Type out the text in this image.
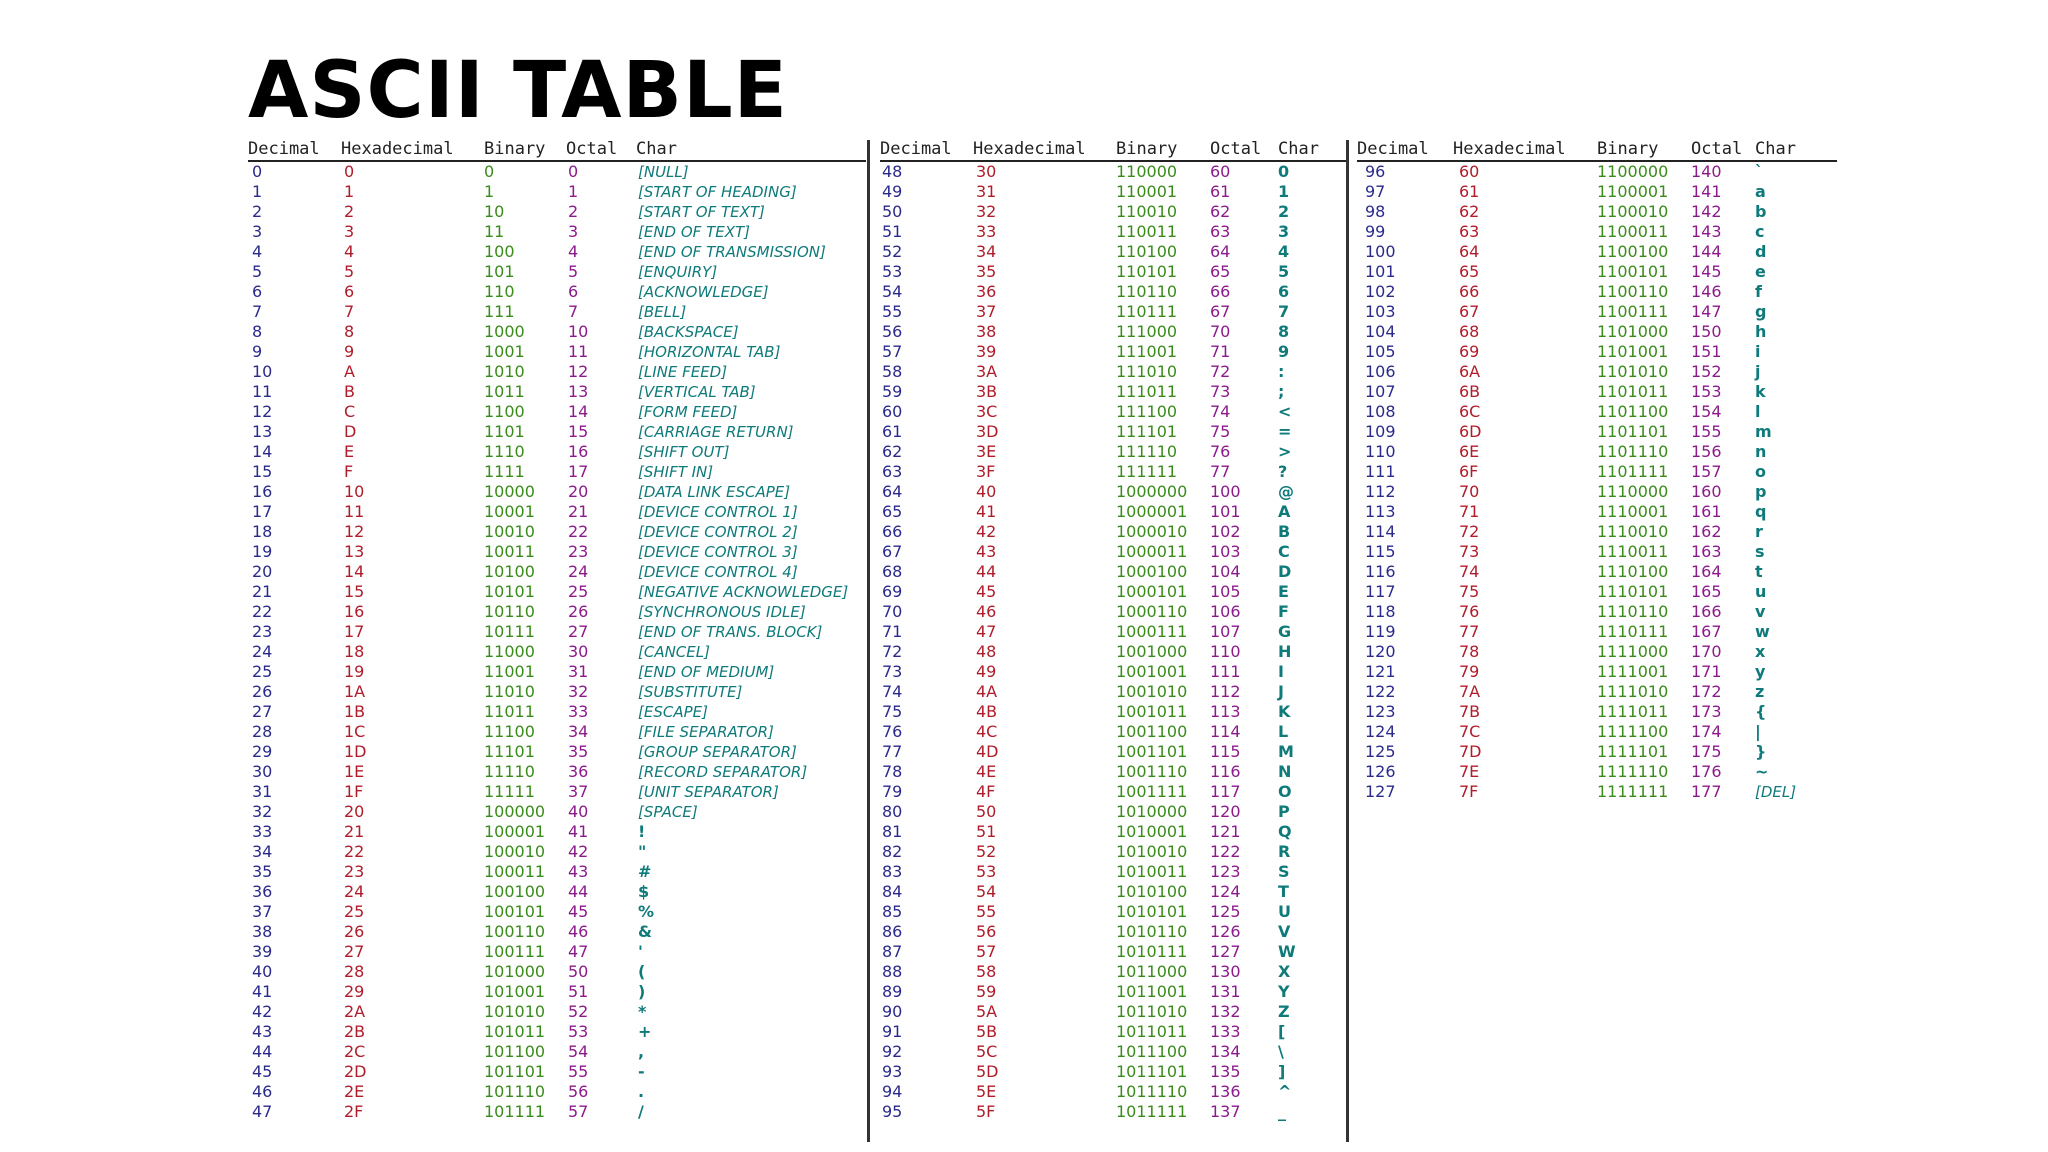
ASCII TABLE
Decimal Hexadecimal Binary Octal Char
0	0	0	0	[NULL]
1	1	1	1	[START OF HEADING]
2	2	10	2	[START OF TEXT]
3	3	11	3	[END OF TEXT]
4	4	100	4	[END OF TRANSMISSION]
5	5	101	5	[ENQUIRY]
6	6	110	6	[ACKNOWLEDGE]
7	7	111	7	[BELL]
8	8	1000	10	[BACKSPACE]
9	9	1001	11	[HORIZONTAL TAB]
10	A	1010	12	[LINE FEED]
11	B	1011	13	[VERTICAL TAB]
12	C	1100	14	[FORM FEED]
13	D	1101	15	[CARRIAGE RETURN]
14	E	1110	16	[SHIFT OUT]
15	F	1111	17	[SHIFT IN]
16	10	10000 20	[DATA LINK ESCAPE]
17	11	10001 21	[DEVICE CONTROL 1]
18	12	10010 22	[DEVICE CONTROL 2]
19	13	10011 23	[DEVICE CONTROL 3]
20	14	10100 24	[DEVICE CONTROL 4]
21	15	10101 25	[NEGATIVE ACKNOWLEDGE]
22	16	10110 26	[SYNCHRONOUS IDLE]
23	17	10111 27	[END OF TRANS. BLOCK]
24	18	11000 30	[CANCEL]
25	19	11001 31	[END OF MEDIUM]
26	1A	11010 32	[SUBSTITUTE]
27	1B	11011 33	[ESCAPE]
28	1C	11100 34	[FILE SEPARATOR]
29	1D	11101 35	[GROUP SEPARATOR]
30	1E	11110 36	[RECORD SEPARATOR]
31	1F	11111 37	[UNIT SEPARATOR]
32	20	100000 40	[SPACE]
33	21	100001 41	!
34	22	100010 42	"
35	23	100011 43	#
36	24	100100 44	$
37	25	100101 45	%
38	26	100110 46	&
39	27	100111 47	'
40	28	101000 50	(
41	29	101001 51	)
42	2A	101010 52	*
43	2B	101011 53	+
44	2C	101100 54	,
45	2D	101101 55	-
46	2E	101110 56	.
47	2F	101111 57	/
Decimal Hexadecimal Binary Octal Char
48	30	110000 60	0
49	31	110001 61	1
50	32	110010 62	2
51	33	110011 63	3
52	34	110100 64	4
53	35	110101 65	5
54	36	110110 66	6
55	37	110111 67	7
56	38	111000 70	8
57	39	111001 71	9
58	3A	111010 72	:
59	3B	111011 73	;
60	3C	111100 74	<
61	3D	111101 75	=
62	3E	111110 76	>
63	3F	111111 77	?
64	40	1000000 100 @
65	41	1000001 101 A
66	42	1000010 102 B
67	43	1000011 103 C
68	44	1000100 104 D
69	45	1000101 105 E
70	46	1000110 106 F
71	47	1000111 107 G
72	48	1001000 110 H
73	49	1001001 111 I
74	4A	1001010 112 J
75	4B	1001011 113 K
76	4C	1001100 114 L
77	4D	1001101 115 M
78	4E	1001110 116 N
79	4F	1001111 117 O
80	50	1010000 120 P
81	51	1010001 121 Q
82	52	1010010 122 R
83	53	1010011 123 S
84	54	1010100 124 T
85	55	1010101 125 U
86	56	1010110 126 V
87	57	1010111 127 W
88	58	1011000 130 X
89	59	1011001 131 Y
90	5A	1011010 132 Z
91	5B	1011011 133 [
92	5C	1011100 134 \
93	5D	1011101 135 ]
94	5E	1011110 136 ^
95	5F	1011111 137 _
Decimal Hexadecimal Binary Octal Char
96	60	1100000 140 `
97	61	1100001 141 a
98	62	1100010 142 b
99	63	1100011 143 c
100	64	1100100 144 d
101	65	1100101 145 e
102	66	1100110 146 f
103	67	1100111 147 g
104	68	1101000 150 h
105	69	1101001 151 i
106	6A	1101010 152 j
107	6B	1101011 153 k
108	6C	1101100 154 l
109	6D	1101101 155 m
110	6E	1101110 156 n
111	6F	1101111 157 o
112	70	1110000 160 p
113	71	1110001 161 q
114	72	1110010 162 r
115	73	1110011 163 s
116	74	1110100 164 t
117	75	1110101 165 u
118	76	1110110 166 v
119	77	1110111 167 w
120	78	1111000 170 x
121	79	1111001 171 y
122	7A	1111010 172 z
123	7B	1111011 173 {
124	7C	1111100 174 |
125	7D	1111101 175 }
126	7E	1111110 176 ~
127	7F	1111111 177 [DEL]
